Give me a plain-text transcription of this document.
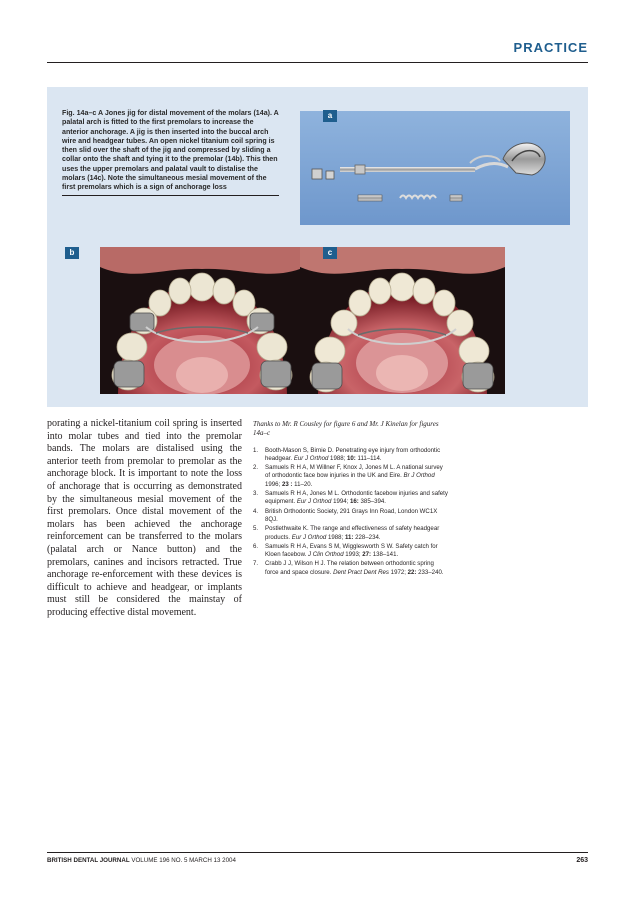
PRACTICE
Fig. 14a–c A Jones jig for distal movement of the molars (14a). A palatal arch is fitted to the first premolars to increase the anterior anchorage. A jig is then inserted into the buccal arch wire and headgear tubes. An open nickel titanium coil spring is then slid over the shaft of the jig and compressed by sliding a collar onto the shaft and tying it to the premolar (14b). This then uses the upper premolars and palatal vault to distalise the molars (14c). Note the simultaneous mesial movement of the first premolars which is a sign of anchorage loss
a
b	c
porating a nickel-titanium coil spring is inserted into molar tubes and tied into the premolar bands. The molars are distalised using the anterior teeth from premolar to premolar as the anchorage block. It is important to note the loss of anchorage that is occurring as demonstrated by the simultaneous mesial movement of the first premolars. Once distal movement of the molars has been achieved the anchorage reinforcement can be transferred to the molars (palatal arch or Nance button) and the premolars, canines and incisors retracted. True anchorage re-enforcement with these devices is difficult to achieve and headgear, or implants must still be considered the mainstay of producing effective distal movement.
Thanks to Mr. R Cousley for figure 6 and Mr. J Kinelan for figures 14a–c
1.	Booth-Mason S, Birnie D. Penetrating eye injury from orthodontic headgear. Eur J Orthod 1988; 10: 111–114.
2.	Samuels R H A, M Willner F, Knox J, Jones M L. A national survey of orthodontic face bow injuries in the UK and Eire. Br J Orthod 1996; 23 : 11–20.
3.	Samuels R H A, Jones M L. Orthodontic facebow injuries and safety equipment. Eur J Orthod 1994; 16: 385–394.
4.	British Orthodontic Society, 291 Grays Inn Road, London WC1X 8QJ.
5.	Postlethwaite K. The range and effectiveness of safety headgear products. Eur J Orthod 1988; 11: 228–234.
6.	Samuels R H A, Evans S M, Wigglesworth S W. Safety catch for Kloen facebow. J Clin Orthod 1993; 27: 138–141.
7.	Crabb J J, Wilson H J. The relation between orthodontic spring force and space closure. Dent Pract Dent Res 1972; 22: 233–240.
BRITISH DENTAL JOURNAL VOLUME 196 NO. 5 MARCH 13 2004	263
